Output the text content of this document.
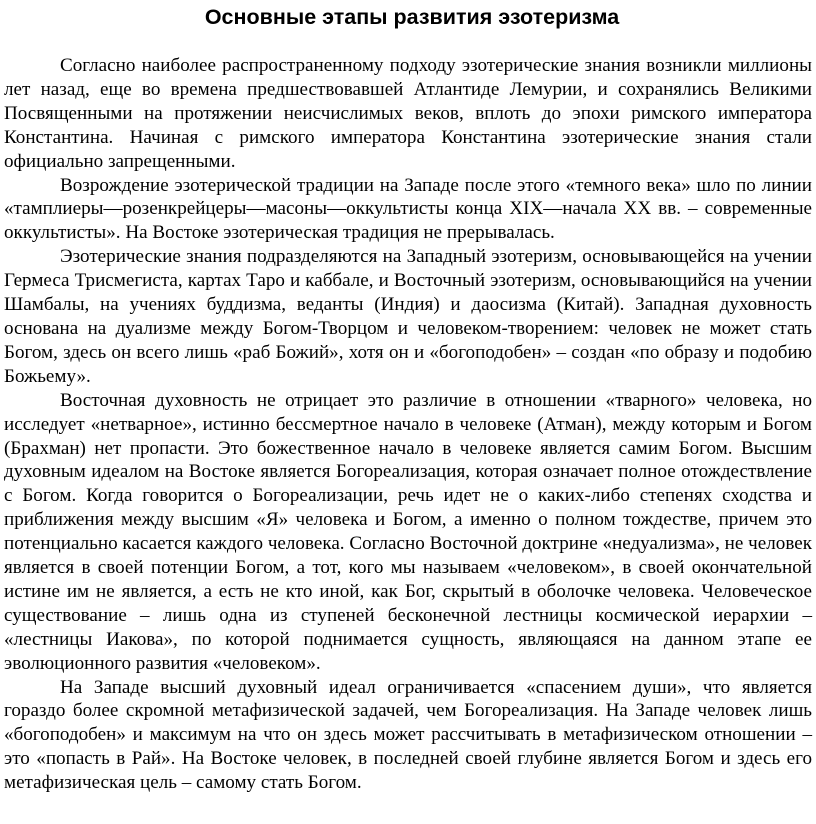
Основные этапы развития эзотеризма

Согласно наиболее распространенному подходу эзотерические знания возникли миллионы лет назад, еще во времена предшествовавшей Атлантиде Лемурии, и сохранялись Великими Посвященными на протяжении неисчислимых веков, вплоть до эпохи римского императора Константина. Начиная с римского императора Константина эзотерические знания стали официально запрещенными.

Возрождение эзотерической традиции на Западе после этого «темного века» шло по линии «тамплиеры—розенкрейцеры—масоны—оккультисты конца XIX—начала XX вв. – современные оккультисты». На Востоке эзотерическая традиция не прерывалась.

Эзотерические знания подразделяются на Западный эзотеризм, основывающейся на учении Гермеса Трисмегиста, картах Таро и каббале, и Восточный эзотеризм, основывающийся на учении Шамбалы, на учениях буддизма, веданты (Индия) и даосизма (Китай). Западная духовность основана на дуализме между Богом-Творцом и человеком-творением: человек не может стать Богом, здесь он всего лишь «раб Божий», хотя он и «богоподобен» – создан «по образу и подобию Божьему».

Восточная духовность не отрицает это различие в отношении «тварного» человека, но исследует «нетварное», истинно бессмертное начало в человеке (Атман), между которым и Богом (Брахман) нет пропасти. Это божественное начало в человеке является самим Богом. Высшим духовным идеалом на Востоке является Богореализация, которая означает полное отождествление с Богом. Когда говорится о Богореализации, речь идет не о каких-либо степенях сходства и приближения между высшим «Я» человека и Богом, а именно о полном тождестве, причем это потенциально касается каждого человека. Согласно Восточной доктрине «недуализма», не человек является в своей потенции Богом, а тот, кого мы называем «человеком», в своей окончательной истине им не является, а есть не кто иной, как Бог, скрытый в оболочке человека. Человеческое существование – лишь одна из ступеней бесконечной лестницы космической иерархии – «лестницы Иакова», по которой поднимается сущность, являющаяся на данном этапе ее эволюционного развития «человеком».

На Западе высший духовный идеал ограничивается «спасением души», что является гораздо более скромной метафизической задачей, чем Богореализация. На Западе человек лишь «богоподобен» и максимум на что он здесь может рассчитывать в метафизическом отношении – это «попасть в Рай». На Востоке человек, в последней своей глубине является Богом и здесь его метафизическая цель – самому стать Богом.
